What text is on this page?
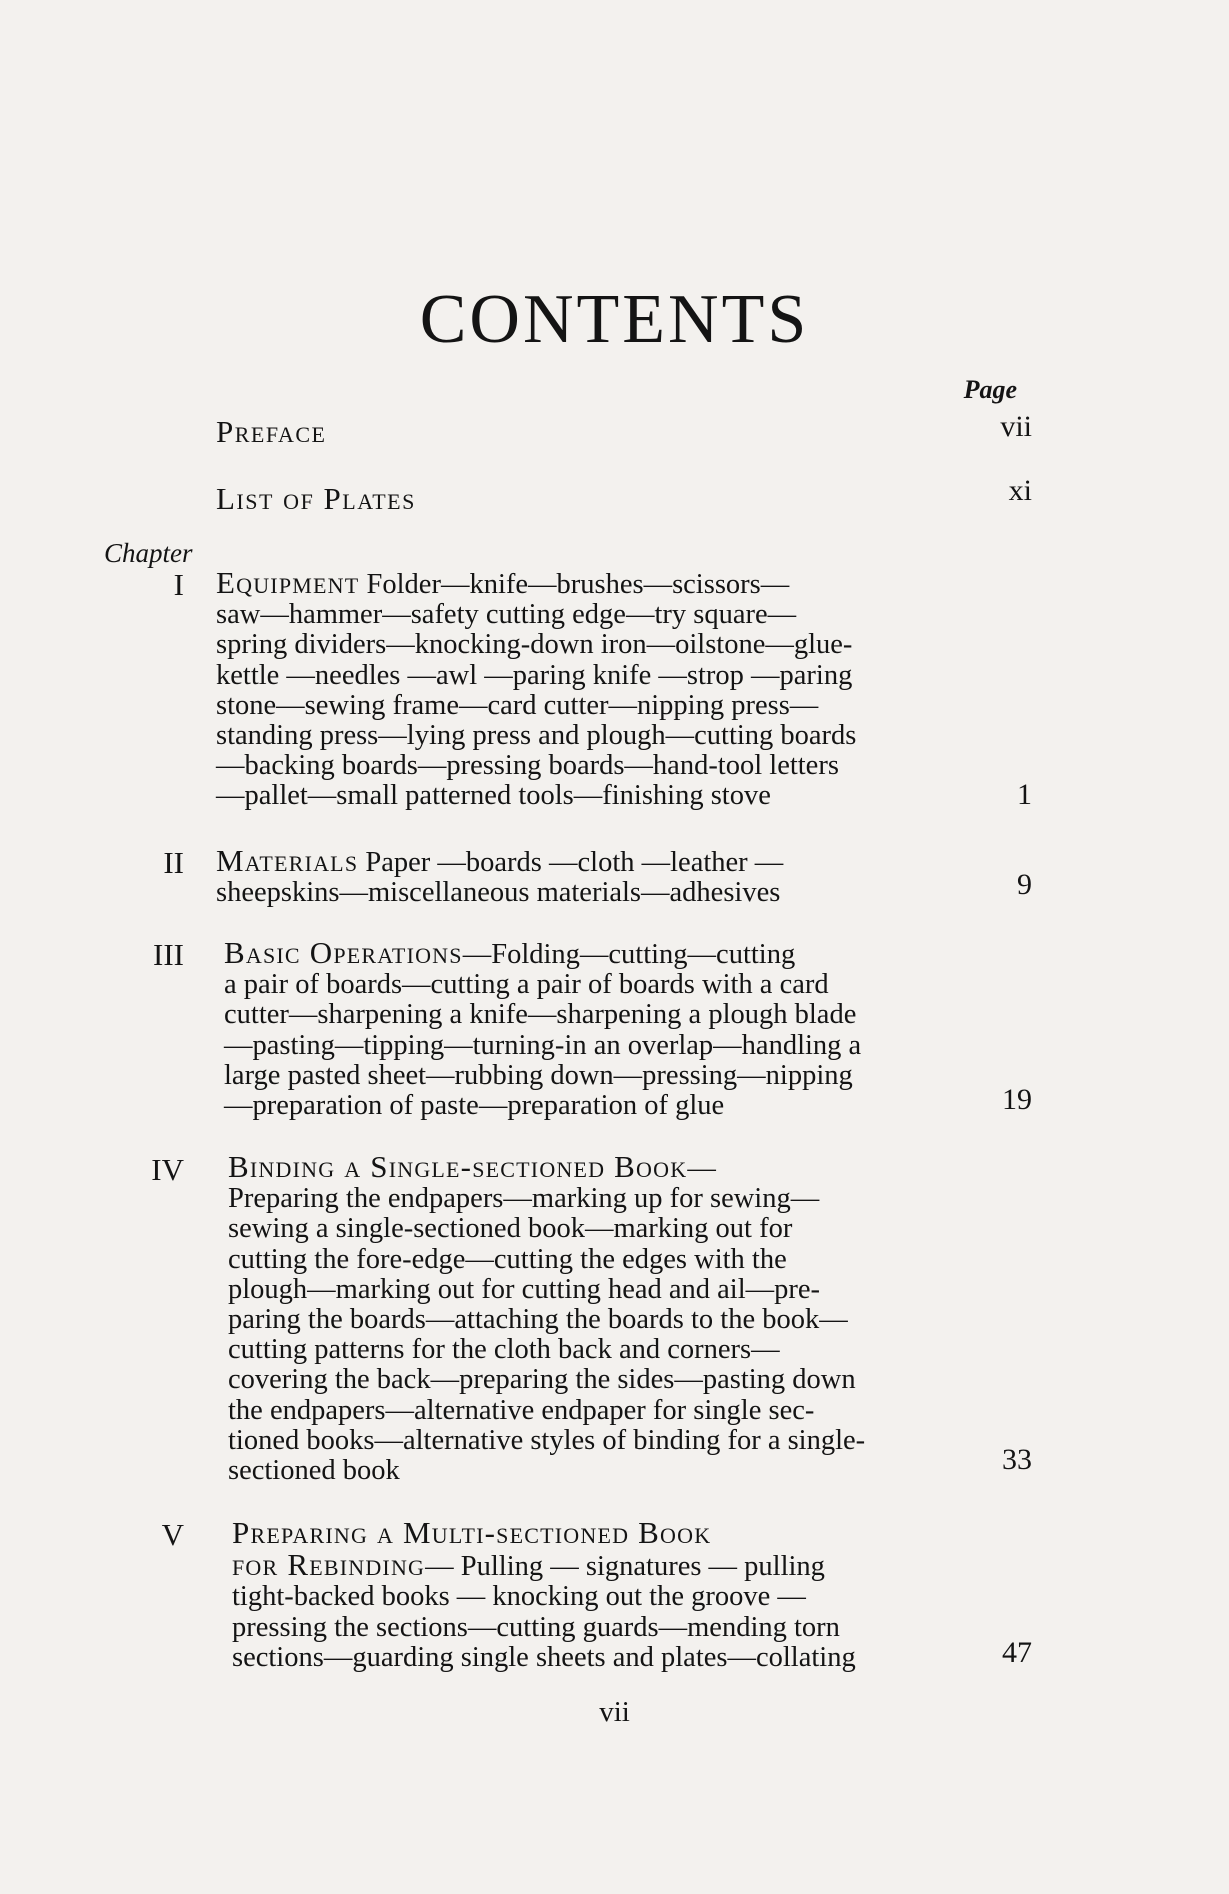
CONTENTS
Page
Preface	vii
List of Plates	xi
Chapter
I Equipment Folder—knife—brushes—scissors—
saw—hammer—safety cutting edge—try square—
spring dividers—knocking-down iron—oilstone—glue-
kettle —needles —awl —paring knife —strop —paring
stone—sewing frame—card cutter—nipping press—
standing press—lying press and plough—cutting boards
—backing boards—pressing boards—hand-tool letters
—pallet—small patterned tools—finishing stove	1
II Materials Paper —boards —cloth —leather —
sheepskins—miscellaneous materials—adhesives	9
III Basic Operations—Folding—cutting—cutting
a pair of boards—cutting a pair of boards with a card
cutter—sharpening a knife—sharpening a plough blade
—pasting—tipping—turning-in an overlap—handling a
large pasted sheet—rubbing down—pressing—nipping
—preparation of paste—preparation of glue	19
IV Binding a Single-sectioned Book—
Preparing the endpapers—marking up for sewing—
sewing a single-sectioned book—marking out for
cutting the fore-edge—cutting the edges with the
plough—marking out for cutting head and ail—pre-
paring the boards—attaching the boards to the book—
cutting patterns for the cloth back and corners—
covering the back—preparing the sides—pasting down
the endpapers—alternative endpaper for single sec-
tioned books—alternative styles of binding for a single-
sectioned book	33
V Preparing a Multi-sectioned Book
for Rebinding— Pulling — signatures — pulling
tight-backed books — knocking out the groove —
pressing the sections—cutting guards—mending torn
sections—guarding single sheets and plates—collating	47
vii
